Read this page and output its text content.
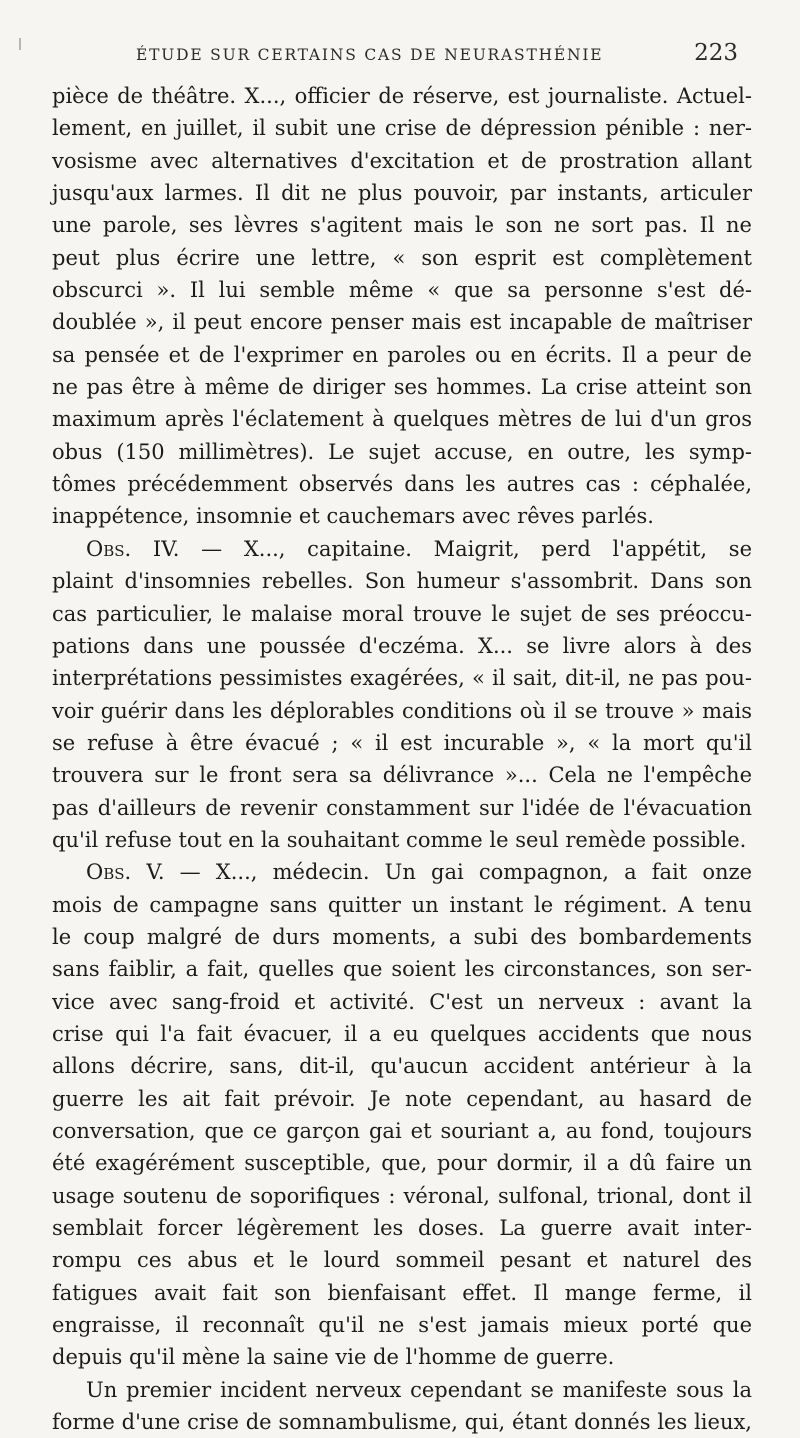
ÉTUDE SUR CERTAINS CAS DE NEURASTHÉNIE	223
pièce de théâtre. X..., officier de réserve, est journaliste. Actuel-
lement, en juillet, il subit une crise de dépression pénible : ner-
vosisme avec alternatives d'excitation et de prostration allant
jusqu'aux larmes. Il dit ne plus pouvoir, par instants, articuler
une parole, ses lèvres s'agitent mais le son ne sort pas. Il ne
peut plus écrire une lettre, « son esprit est complètement
obscurci ». Il lui semble même « que sa personne s'est dé-
doublée », il peut encore penser mais est incapable de maîtriser
sa pensée et de l'exprimer en paroles ou en écrits. Il a peur de
ne pas être à même de diriger ses hommes. La crise atteint son
maximum après l'éclatement à quelques mètres de lui d'un gros
obus (150 millimètres). Le sujet accuse, en outre, les symp-
tômes précédemment observés dans les autres cas : céphalée,
inappétence, insomnie et cauchemars avec rêves parlés.
Obs. IV. — X..., capitaine. Maigrit, perd l'appétit, se
plaint d'insomnies rebelles. Son humeur s'assombrit. Dans son
cas particulier, le malaise moral trouve le sujet de ses préoccu-
pations dans une poussée d'eczéma. X... se livre alors à des
interprétations pessimistes exagérées, « il sait, dit-il, ne pas pou-
voir guérir dans les déplorables conditions où il se trouve » mais
se refuse à être évacué ; « il est incurable », « la mort qu'il
trouvera sur le front sera sa délivrance »... Cela ne l'empêche
pas d'ailleurs de revenir constamment sur l'idée de l'évacuation
qu'il refuse tout en la souhaitant comme le seul remède possible.
Obs. V. — X..., médecin. Un gai compagnon, a fait onze
mois de campagne sans quitter un instant le régiment. A tenu
le coup malgré de durs moments, a subi des bombardements
sans faiblir, a fait, quelles que soient les circonstances, son ser-
vice avec sang-froid et activité. C'est un nerveux : avant la
crise qui l'a fait évacuer, il a eu quelques accidents que nous
allons décrire, sans, dit-il, qu'aucun accident antérieur à la
guerre les ait fait prévoir. Je note cependant, au hasard de
conversation, que ce garçon gai et souriant a, au fond, toujours
été exagérément susceptible, que, pour dormir, il a dû faire un
usage soutenu de soporifiques : véronal, sulfonal, trional, dont il
semblait forcer légèrement les doses. La guerre avait inter-
rompu ces abus et le lourd sommeil pesant et naturel des
fatigues avait fait son bienfaisant effet. Il mange ferme, il
engraisse, il reconnaît qu'il ne s'est jamais mieux porté que
depuis qu'il mène la saine vie de l'homme de guerre.
Un premier incident nerveux cependant se manifeste sous la
forme d'une crise de somnambulisme, qui, étant donnés les lieux,
